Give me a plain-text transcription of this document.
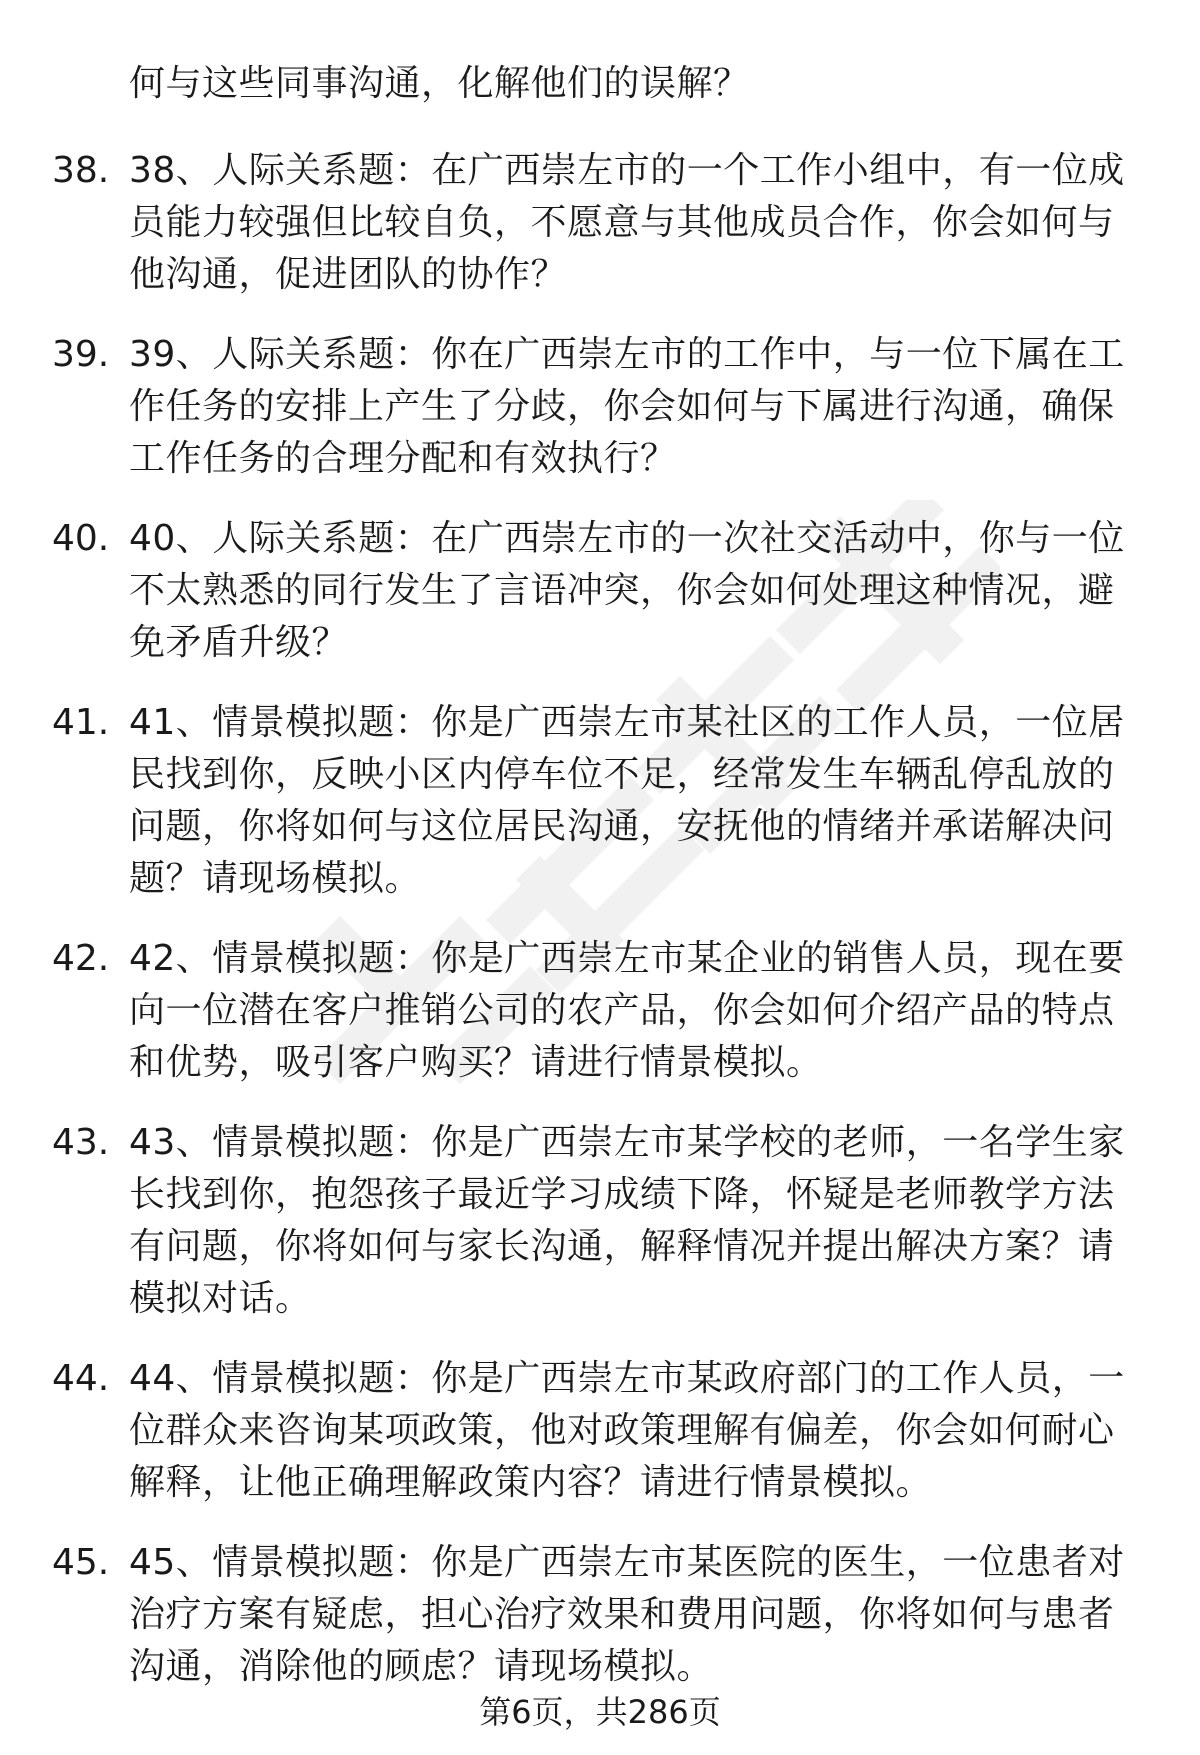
何与这些同事沟通，化解他们的误解？
38. 38、人际关系题：在广西崇左市的一个工作小组中，有一位成员能力较强但比较自负，不愿意与其他成员合作，你会如何与他沟通，促进团队的协作？
39. 39、人际关系题：你在广西崇左市的工作中，与一位下属在工作任务的安排上产生了分歧，你会如何与下属进行沟通，确保工作任务的合理分配和有效执行？
40. 40、人际关系题：在广西崇左市的一次社交活动中，你与一位不太熟悉的同行发生了言语冲突，你会如何处理这种情况，避免矛盾升级？
41. 41、情景模拟题：你是广西崇左市某社区的工作人员，一位居民找到你，反映小区内停车位不足，经常发生车辆乱停乱放的问题，你将如何与这位居民沟通，安抚他的情绪并承诺解决问题？请现场模拟。
42. 42、情景模拟题：你是广西崇左市某企业的销售人员，现在要向一位潜在客户推销公司的农产品，你会如何介绍产品的特点和优势，吸引客户购买？请进行情景模拟。
43. 43、情景模拟题：你是广西崇左市某学校的老师，一名学生家长找到你，抱怨孩子最近学习成绩下降，怀疑是老师教学方法有问题，你将如何与家长沟通，解释情况并提出解决方案？请模拟对话。
44. 44、情景模拟题：你是广西崇左市某政府部门的工作人员，一位群众来咨询某项政策，他对政策理解有偏差，你会如何耐心解释，让他正确理解政策内容？请进行情景模拟。
45. 45、情景模拟题：你是广西崇左市某医院的医生，一位患者对治疗方案有疑虑，担心治疗效果和费用问题，你将如何与患者沟通，消除他的顾虑？请现场模拟。
第6页，共286页
